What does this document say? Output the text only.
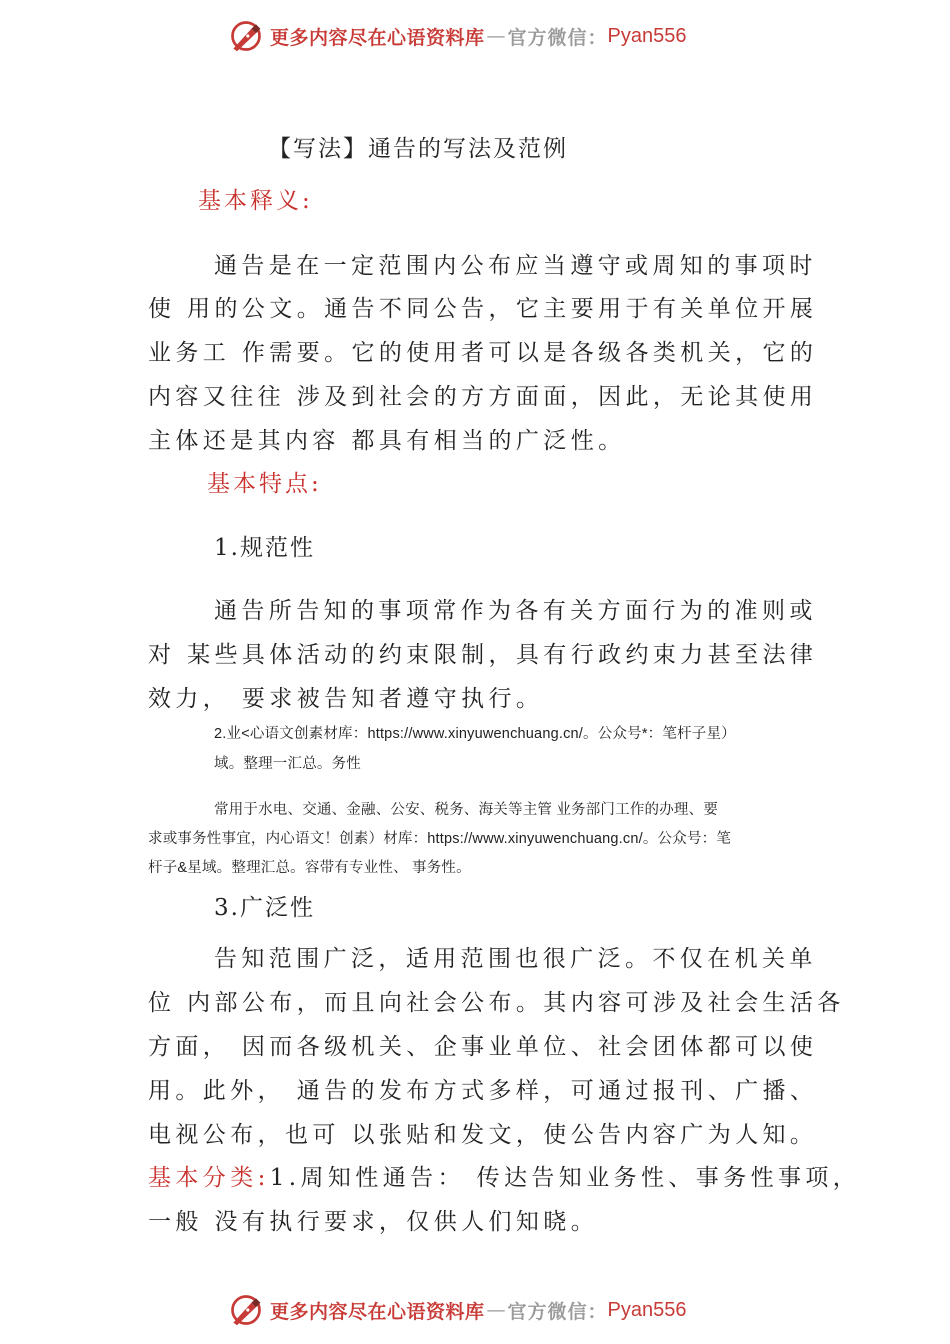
更多内容尽在心语资料库 — 官方微信： Pyan556
【写法】通告的写法及范例
基本释义:
通告是在一定范围内公布应当遵守或周知的事项时
使 用的公文。通告不同公告，它主要用于有关单位开展
业务工 作需要。它的使用者可以是各级各类机关，它的
内容又往往 涉及到社会的方方面面，因此，无论其使用
主体还是其内容 都具有相当的广泛性。
基本特点:
1.规范性
通告所告知的事项常作为各有关方面行为的准则或
对 某些具体活动的约束限制，具有行政约束力甚至法律
效力， 要求被告知者遵守执行。
2.业<心语文创素材库：https://www.xinyuwenchuang.cn/。公众号*：笔杆子星）
域。整理一汇总。务性
常用于水电、交通、金融、公安、税务、海关等主管 业务部门工作的办理、要
求或事务性事宜，内心语文！创素）材库：https://www.xinyuwenchuang.cn/。公众号：笔
杆子&星域。整理汇总。容带有专业性、 事务性。
3.广泛性
告知范围广泛，适用范围也很广泛。不仅在机关单
位 内部公布，而且向社会公布。其内容可涉及社会生活各
方面， 因而各级机关、企事业单位、社会团体都可以使
用。此外， 通告的发布方式多样，可通过报刊、广播、
电视公布，也可 以张贴和发文，使公告内容广为人知。
基本分类:1.周知性通告： 传达告知业务性、事务性事项，
一般 没有执行要求，仅供人们知晓。
更多内容尽在心语资料库 — 官方微信： Pyan556
